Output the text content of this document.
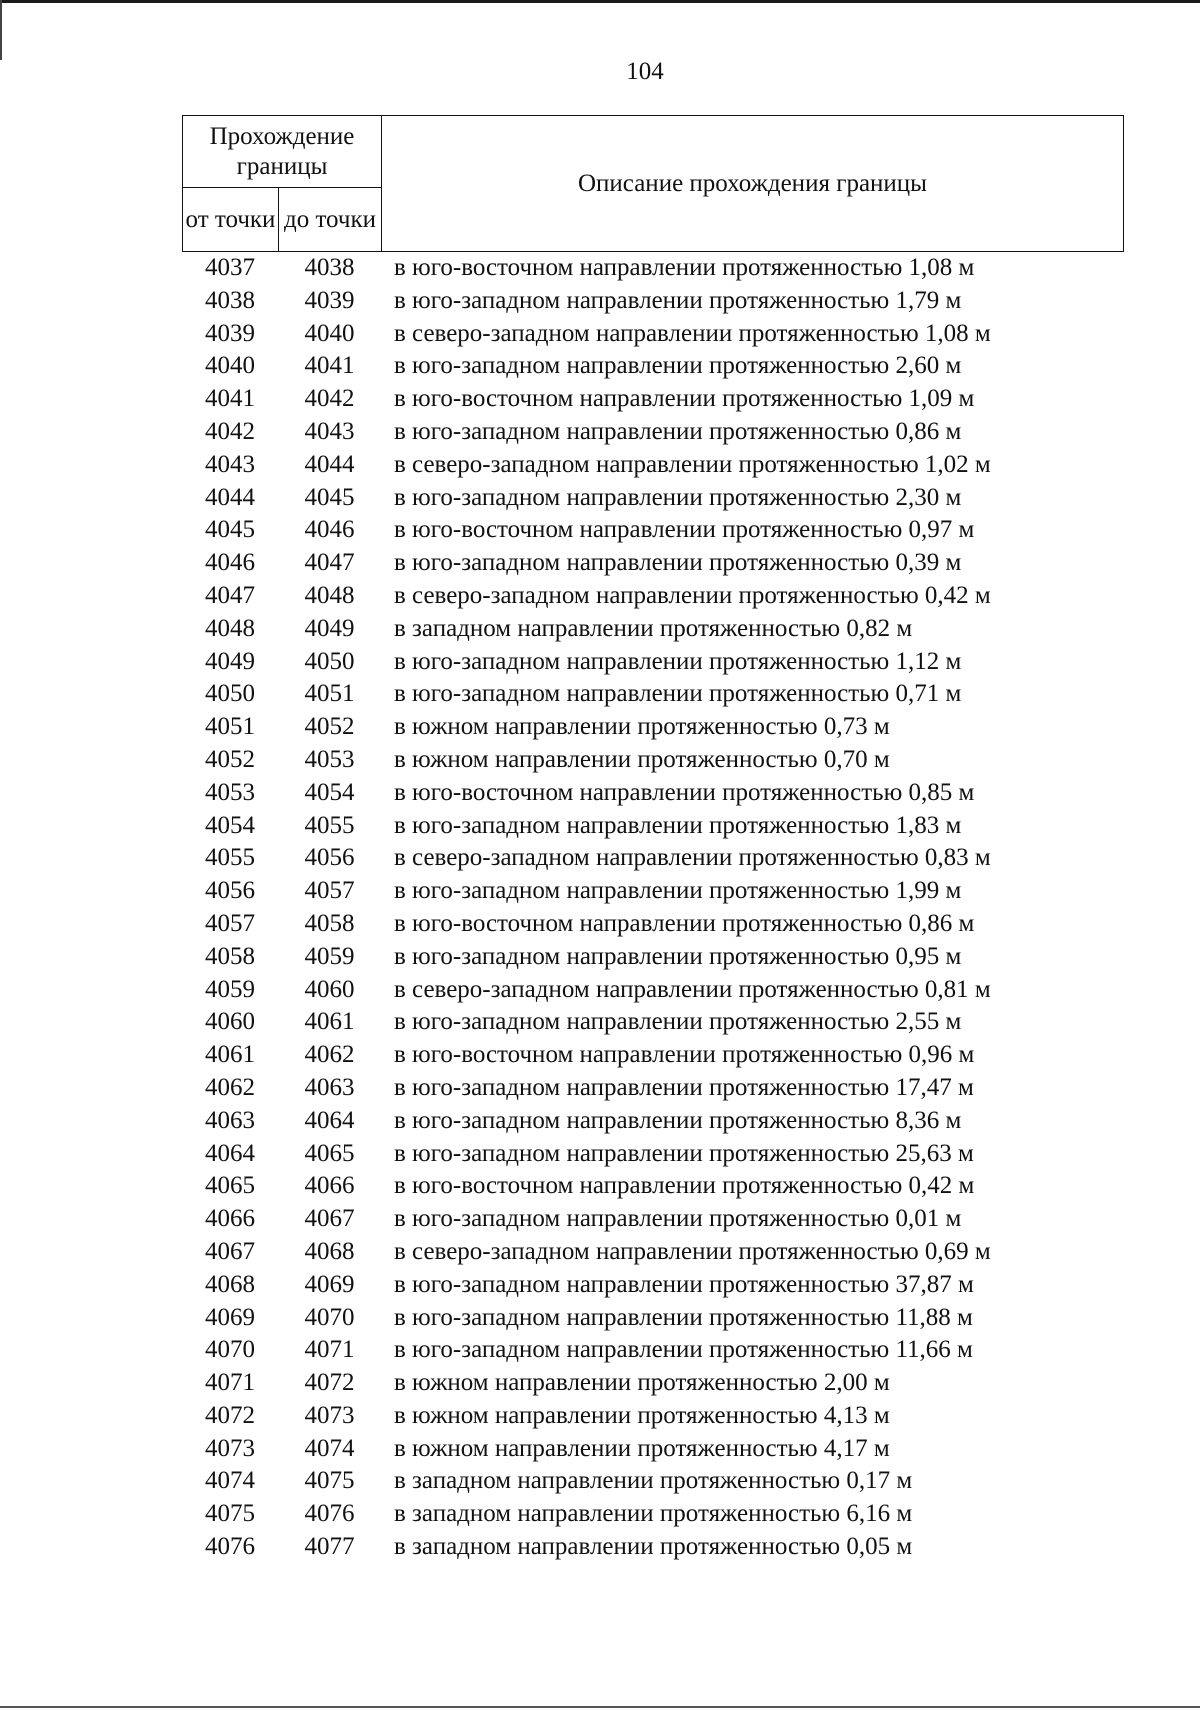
104
Прохождение границы		Описание прохождения границы
от точки	до точки	
4037	4038	в юго-восточном направлении протяженностью 1,08 м
4038	4039	в юго-западном направлении протяженностью 1,79 м
4039	4040	в северо-западном направлении протяженностью 1,08 м
4040	4041	в юго-западном направлении протяженностью 2,60 м
4041	4042	в юго-восточном направлении протяженностью 1,09 м
4042	4043	в юго-западном направлении протяженностью 0,86 м
4043	4044	в северо-западном направлении протяженностью 1,02 м
4044	4045	в юго-западном направлении протяженностью 2,30 м
4045	4046	в юго-восточном направлении протяженностью 0,97 м
4046	4047	в юго-западном направлении протяженностью 0,39 м
4047	4048	в северо-западном направлении протяженностью 0,42 м
4048	4049	в западном направлении протяженностью 0,82 м
4049	4050	в юго-западном направлении протяженностью 1,12 м
4050	4051	в юго-западном направлении протяженностью 0,71 м
4051	4052	в южном направлении протяженностью 0,73 м
4052	4053	в южном направлении протяженностью 0,70 м
4053	4054	в юго-восточном направлении протяженностью 0,85 м
4054	4055	в юго-западном направлении протяженностью 1,83 м
4055	4056	в северо-западном направлении протяженностью 0,83 м
4056	4057	в юго-западном направлении протяженностью 1,99 м
4057	4058	в юго-восточном направлении протяженностью 0,86 м
4058	4059	в юго-западном направлении протяженностью 0,95 м
4059	4060	в северо-западном направлении протяженностью 0,81 м
4060	4061	в юго-западном направлении протяженностью 2,55 м
4061	4062	в юго-восточном направлении протяженностью 0,96 м
4062	4063	в юго-западном направлении протяженностью 17,47 м
4063	4064	в юго-западном направлении протяженностью 8,36 м
4064	4065	в юго-западном направлении протяженностью 25,63 м
4065	4066	в юго-восточном направлении протяженностью 0,42 м
4066	4067	в юго-западном направлении протяженностью 0,01 м
4067	4068	в северо-западном направлении протяженностью 0,69 м
4068	4069	в юго-западном направлении протяженностью 37,87 м
4069	4070	в юго-западном направлении протяженностью 11,88 м
4070	4071	в юго-западном направлении протяженностью 11,66 м
4071	4072	в южном направлении протяженностью 2,00 м
4072	4073	в южном направлении протяженностью 4,13 м
4073	4074	в южном направлении протяженностью 4,17 м
4074	4075	в западном направлении протяженностью 0,17 м
4075	4076	в западном направлении протяженностью 6,16 м
4076	4077	в западном направлении протяженностью 0,05 м
